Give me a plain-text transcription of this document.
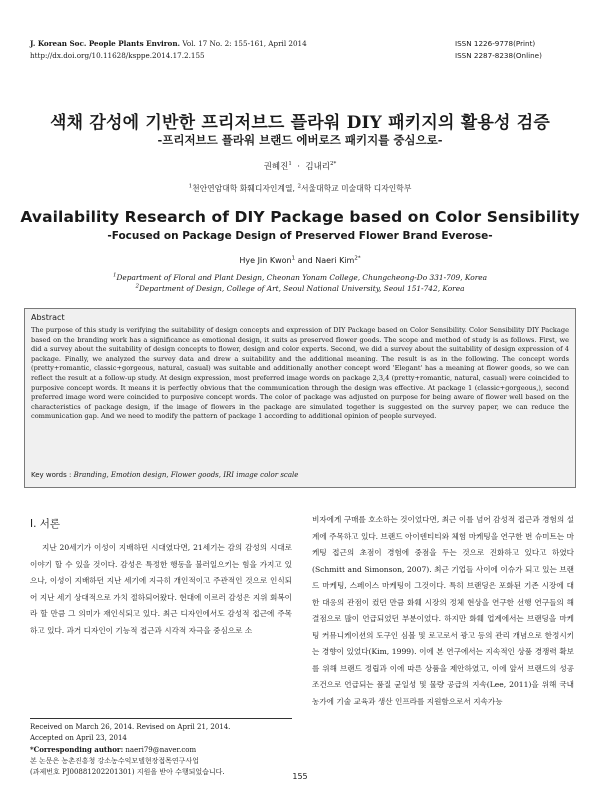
J. Korean Soc. People Plants Environ. Vol. 17 No. 2: 155-161, April 2014
http://dx.doi.org/10.11628/ksppe.2014.17.2.155
ISSN 1226-9778(Print)
ISSN 2287-8238(Online)
색채 감성에 기반한 프리저브드 플라워 DIY 패키지의 활용성 검증
-프리저브드 플라워 브랜드 에버로즈 패키지를 중심으로-
권혜진$^1$ · 김내리$^{2*}$
$^1$천안연암대학 화훼디자인계열, $^2$서울대학교 미술대학 디자인학부
Availability Research of DIY Package based on Color Sensibility
-Focused on Package Design of Preserved Flower Brand Everose-
Hye Jin Kwon$^1$ and Naeri Kim$^{2*}$
$^1$Department of Floral and Plant Design, Cheonan Yonam College, Chungcheong-Do 331-709, Korea
$^2$Department of Design, College of Art, Seoul National University, Seoul 151-742, Korea
Abstract
The purpose of this study is verifying the suitability of design concepts and expression of DIY Package based on Color Sensibility. Color Sensibility DIY Package based on the branding work has a significance as emotional design, it suits as preserved flower goods. The scope and method of study is as follows. First, we did a survey about the suitability of design concepts to flower, design and color experts. Second, we did a survey about the suitability of design expression of 4 package. Finally, we analyzed the survey data and drew a suitability and the additional meaning. The result is as in the following. The concept words (pretty+romantic, classic+gorgeous, natural, casual) was suitable and additionally another concept word 'Elegant' has a meaning at flower goods, so we can reflect the result at a follow-up study. At design expression, most preferred image words on package 2,3,4 (pretty+romantic, natural, casual) were coincided to purposive concept words. It means it is perfectly obvious that the communication through the design was effective. At package 1 (classic+gorgeous,), second preferred image word were coincided to purposive concept words. The color of package was adjusted on purpose for being aware of flower well based on the characteristics of package design, if the image of flowers in the package are simulated together is suggested on the survey paper, we can reduce the communication gap. And we need to modify the pattern of package 1 according to additional opinion of people surveyed.
Key words : Branding, Emotion design, Flower goods, IRI image color scale
Ⅰ. 서론
지난 20세기가 이성이 지배하던 시대였다면, 21세기는 감의 감성의 시대로 이야기 할 수 있을 것이다. 감성은 특정한 행동을 불러일으키는 힘을 가지고 있으나, 이성이 지배하던 지난 세기에 지극히 개인적이고 주관적인 것으로 인식되어 지난 세기 상대적으로 가치 절하되어왔다. 현대에 이르러 감성은 지위 회복이라 할 만큼 그 의미가 재인식되고 있다. 최근 디자인에서도 감성적 접근에 주목하고 있다. 과거 디자인이 기능적 접근과 시각적 자극을 중심으로 소
비자에게 구매를 호소하는 것이었다면, 최근 이를 넘어 감성적 접근과 경험의 설계에 주목하고 있다. 브랜드 아이덴티티와 체험 마케팅을 연구한 번 슈미트는 마케팅 접근의 초점이 경험에 중점을 두는 것으로 진화하고 있다고 하였다(Schmitt and Simonson, 2007). 최근 기업들 사이에 이슈가 되고 있는 브랜드 마케팅, 스페이스 마케팅이 그것이다. 특히 브랜딩은 포화된 기존 시장에 대한 대응의 관점이 컸던 만큼 화훼 시장의 정체 현상을 연구한 선행 연구들의 해결점으로 많이 언급되었던 부분이었다. 하지만 화훼 업계에서는 브랜딩을 마케팅 커뮤니케이션의 도구인 심볼 및 로고로서 광고 등의 관리 개념으로 한정시키는 경향이 있었다(Kim, 1999). 이에 본 연구에서는 지속적인 상품 경쟁력 확보를 위해 브랜드 정립과 이에 따른 상품을 제안하였고, 이에 앞서 브랜드의 성공 조건으로 언급되는 품질 균일성 및 물량 공급의 지속(Lee, 2011)을 위해 국내 농가에 기술 교육과 생산 인프라를 지원함으로서 지속가능
Received on March 26, 2014. Revised on April 21, 2014.
Accepted on April 23, 2014
*Corresponding author: naeri79@naver.com
본 논문은 농촌진흥청 강소농수익모델현장접목연구사업
(과제번호 PJ008812022013​01) 지원을 받아 수행되었습니다.	155
